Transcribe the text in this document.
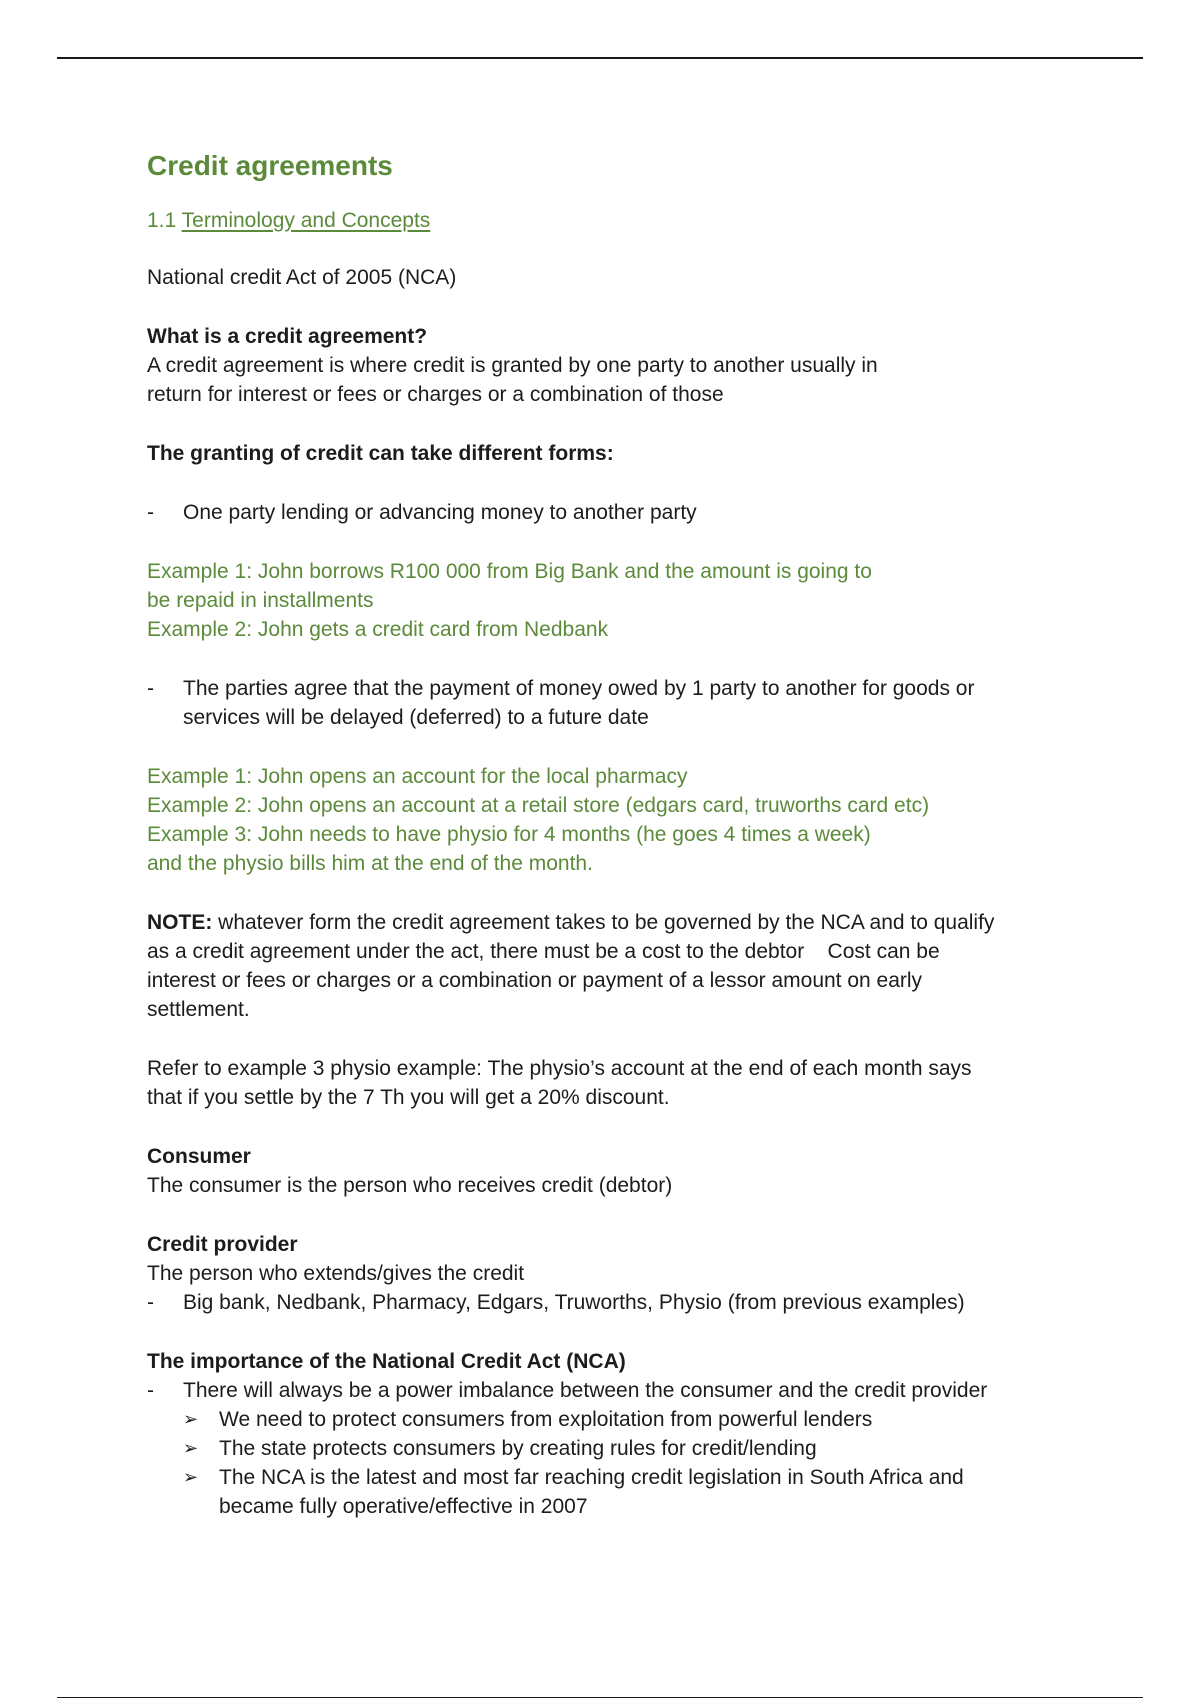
Credit agreements
1.1 Terminology and Concepts

National credit Act of 2005 (NCA)

What is a credit agreement?

A credit agreement is where credit is granted by one party to another usually in

return for interest or fees or charges or a combination of those

The granting of credit can take different forms:

- One party lending or advancing money to another party

Example 1: John borrows R100 000 from Big Bank and the amount is going to

be repaid in installments

Example 2: John gets a credit card from Nedbank

- The parties agree that the payment of money owed by 1 party to another for goods or

services will be delayed (deferred) to a future date

Example 1: John opens an account for the local pharmacy

Example 2: John opens an account at a retail store (edgars card, truworths card etc)

Example 3: John needs to have physio for 4 months (he goes 4 times a week)

and the physio bills him at the end of the month.

NOTE: whatever form the credit agreement takes to be governed by the NCA and to qualify

as a credit agreement under the act, there must be a cost to the debtor    Cost can be

interest or fees or charges or a combination or payment of a lessor amount on early

settlement.

Refer to example 3 physio example: The physio’s account at the end of each month says

that if you settle by the 7 Th you will get a 20% discount.

Consumer

The consumer is the person who receives credit (debtor)

Credit provider

The person who extends/gives the credit

- Big bank, Nedbank, Pharmacy, Edgars, Truworths, Physio (from previous examples)

The importance of the National Credit Act (NCA)

- There will always be a power imbalance between the consumer and the credit provider

➢ We need to protect consumers from exploitation from powerful lenders

➢ The state protects consumers by creating rules for credit/lending

➢ The NCA is the latest and most far reaching credit legislation in South Africa and

became fully operative/effective in 2007
